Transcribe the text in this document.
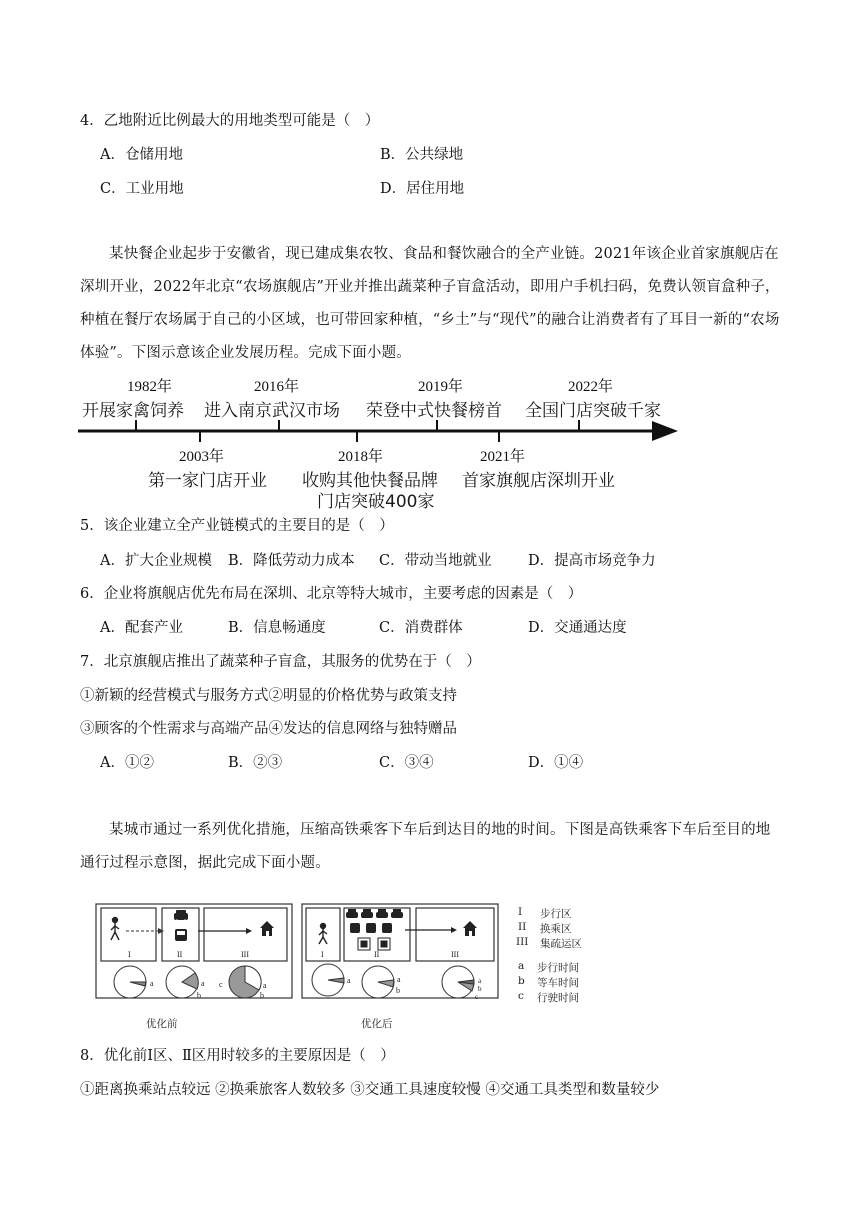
4．乙地附近比例最大的用地类型可能是（　）
A．仓储用地	B．公共绿地
C．工业用地	D．居住用地

某快餐企业起步于安徽省，现已建成集农牧、食品和餐饮融合的全产业链。2021年该企业首家旗舰店在深圳开业，2022年北京“农场旗舰店”开业并推出蔬菜种子盲盒活动，即用户手机扫码，免费认领盲盒种子，种植在餐厅农场属于自己的小区域，也可带回家种植，“乡土”与“现代”的融合让消费者有了耳目一新的“农场体验”。下图示意该企业发展历程。完成下面小题。

1982年
开展家禽饲养
2016年
进入南京武汉市场
2019年
荣登中式快餐榜首
2022年
全国门店突破千家
2003年
第一家门店开业
2018年
收购其他快餐品牌
门店突破400家
2021年
首家旗舰店深圳开业
5．该企业建立全产业链模式的主要目的是（　）
A．扩大企业规模 B．降低劳动力成本 C．带动当地就业	D．提高市场竞争力
6．企业将旗舰店优先布局在深圳、北京等特大城市，主要考虑的因素是（　）
A．配套产业	B．信息畅通度	C．消费群体	D．交通通达度
7．北京旗舰店推出了蔬菜种子盲盒，其服务的优势在于（　）
①新颖的经营模式与服务方式②明显的价格优势与政策支持
③顾客的个性需求与高端产品④发达的信息网络与独特赠品
A．①②	B．②③	C．③④	D．①④

某城市通过一系列优化措施，压缩高铁乘客下车后到达目的地的时间。下图是高铁乘客下车后至目的地通行过程示意图，据此完成下面小题。

I	II	III
a	a
b
c	a
b
I	II	III
a	a
b
a
b
c
优化前	优化后
I 步行区
II 换乘区
III 集疏运区
a 步行时间
b 等车时间
c 行驶时间
8．优化前Ⅰ区、Ⅱ区用时较多的主要原因是（　）
①距离换乘站点较远 ②换乘旅客人数较多 ③交通工具速度较慢 ④交通工具类型和数量较少
